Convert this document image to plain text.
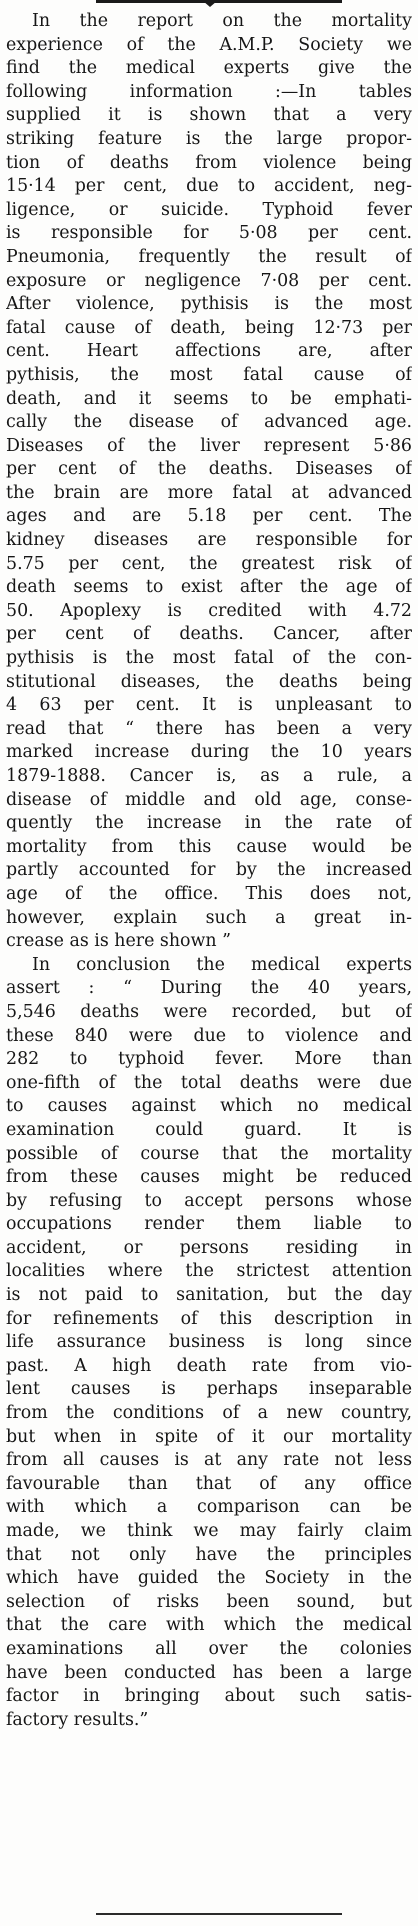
In the report on the mortality
experience of the A.M.P. Society we
find the medical experts give the
following information :—In tables
supplied it is shown that a very
striking feature is the large propor-
tion of deaths from violence being
15·14 per cent, due to accident, neg-
ligence, or suicide. Typhoid fever
is responsible for 5·08 per cent.
Pneumonia, frequently the result of
exposure or negligence 7·08 per cent.
After violence, pythisis is the most
fatal cause of death, being 12·73 per
cent. Heart affections are, after
pythisis, the most fatal cause of
death, and it seems to be emphati-
cally the disease of advanced age.
Diseases of the liver represent 5·86
per cent of the deaths. Diseases of
the brain are more fatal at advanced
ages and are 5.18 per cent. The
kidney diseases are responsible for
5.75 per cent, the greatest risk of
death seems to exist after the age of
50. Apoplexy is credited with 4.72
per cent of deaths. Cancer, after
pythisis is the most fatal of the con-
stitutional diseases, the deaths being
4 63 per cent. It is unpleasant to
read that “ there has been a very
marked increase during the 10 years
1879-1888. Cancer is, as a rule, a
disease of middle and old age, conse-
quently the increase in the rate of
mortality from this cause would be
partly accounted for by the increased
age of the office. This does not,
however, explain such a great in-
crease as is here shown ”
In conclusion the medical experts
assert : “ During the 40 years,
5,546 deaths were recorded, but of
these 840 were due to violence and
282 to typhoid fever. More than
one-fifth of the total deaths were due
to causes against which no medical
examination could guard. It is
possible of course that the mortality
from these causes might be reduced
by refusing to accept persons whose
occupations render them liable to
accident, or persons residing in
localities where the strictest attention
is not paid to sanitation, but the day
for refinements of this description in
life assurance business is long since
past. A high death rate from vio-
lent causes is perhaps inseparable
from the conditions of a new country,
but when in spite of it our mortality
from all causes is at any rate not less
favourable than that of any office
with which a comparison can be
made, we think we may fairly claim
that not only have the principles
which have guided the Society in the
selection of risks been sound, but
that the care with which the medical
examinations all over the colonies
have been conducted has been a large
factor in bringing about such satis-
factory results.”
